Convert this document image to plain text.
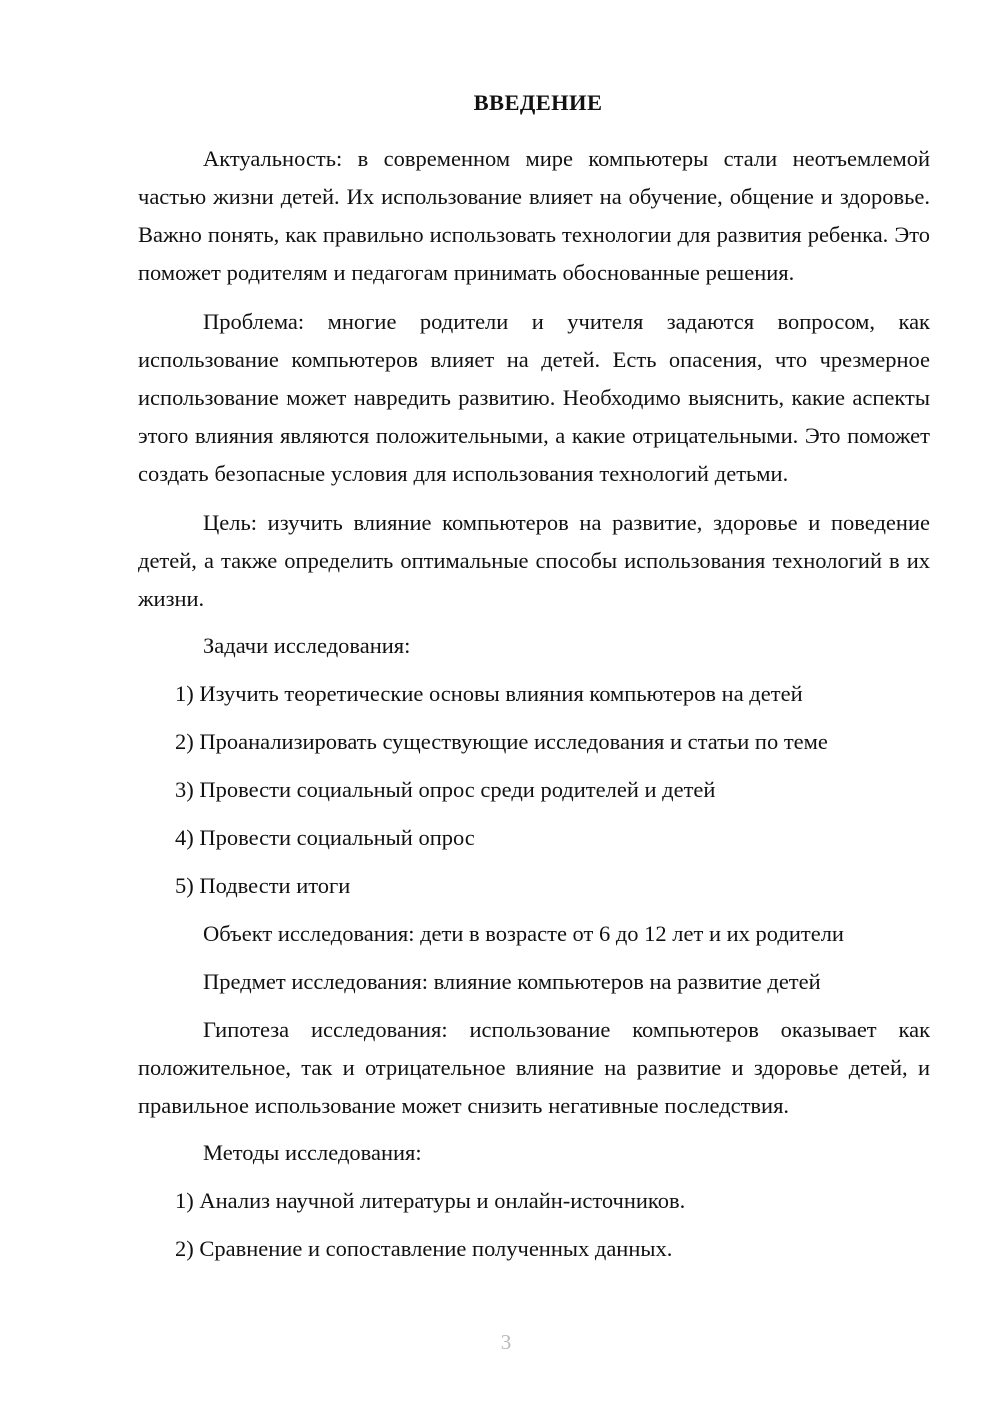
ВВЕДЕНИЕ

Актуальность: в современном мире компьютеры стали неотъемлемой частью жизни детей. Их использование влияет на обучение, общение и здоровье. Важно понять, как правильно использовать технологии для развития ребенка. Это поможет родителям и педагогам принимать обоснованные решения.

Проблема: многие родители и учителя задаются вопросом, как использование компьютеров влияет на детей. Есть опасения, что чрезмерное использование может навредить развитию. Необходимо выяснить, какие аспекты этого влияния являются положительными, а какие отрицательными. Это поможет создать безопасные условия для использования технологий детьми.

Цель: изучить влияние компьютеров на развитие, здоровье и поведение детей, а также определить оптимальные способы использования технологий в их жизни.

Задачи исследования:

1) Изучить теоретические основы влияния компьютеров на детей

2) Проанализировать существующие исследования и статьи по теме

3) Провести социальный опрос среди родителей и детей

4) Провести социальный опрос

5) Подвести итоги

Объект исследования: дети в возрасте от 6 до 12 лет и их родители

Предмет исследования: влияние компьютеров на развитие детей

Гипотеза исследования: использование компьютеров оказывает как положительное, так и отрицательное влияние на развитие и здоровье детей, и правильное использование может снизить негативные последствия.

Методы исследования:

1) Анализ научной литературы и онлайн-источников.

2) Сравнение и сопоставление полученных данных.

3
